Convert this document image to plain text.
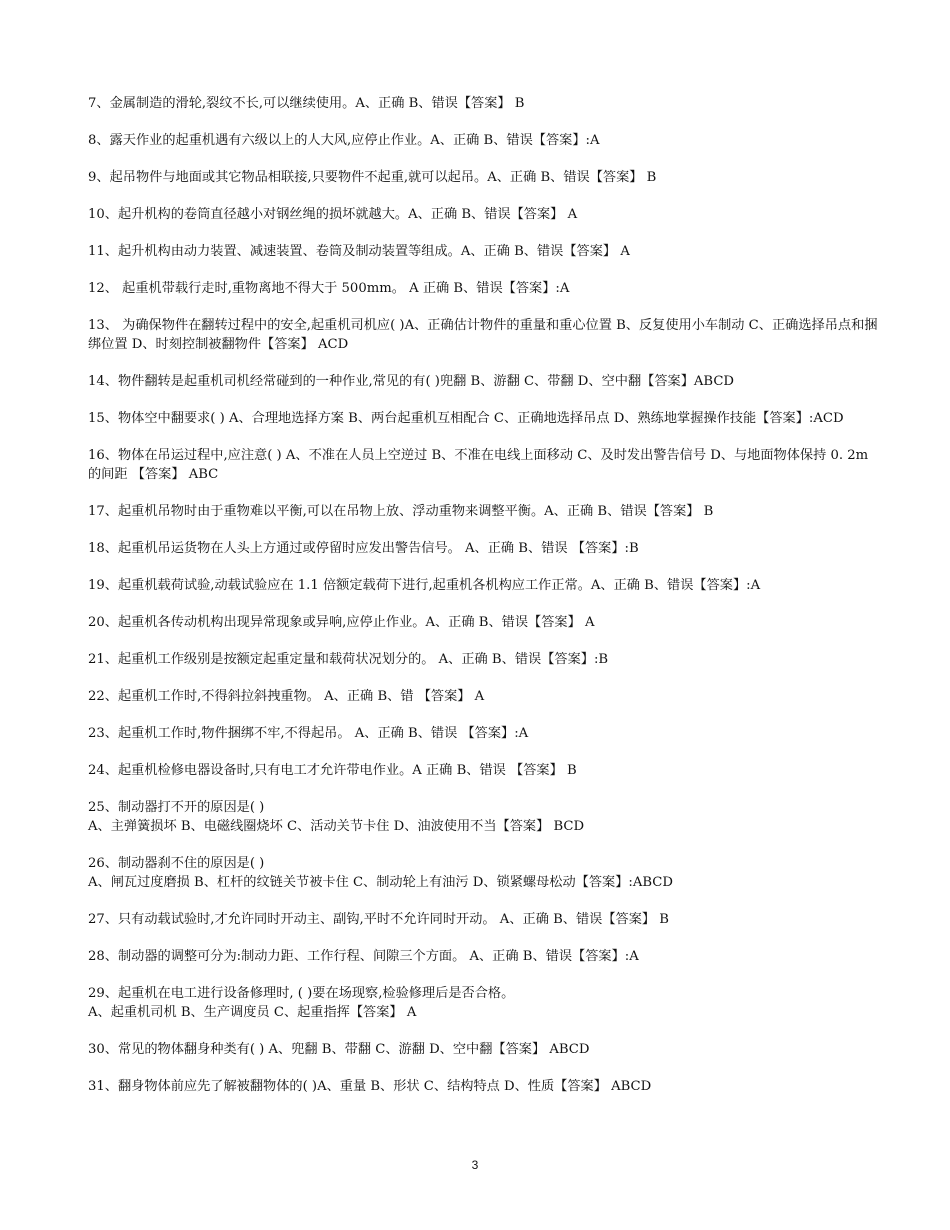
7、金属制造的滑轮,裂纹不长,可以继续使用。A、正确 B、错误【答案】 B
8、露天作业的起重机遇有六级以上的人大风,应停止作业。A、正确 B、错误【答案】:A
9、起吊物件与地面或其它物品相联接,只要物件不起重,就可以起吊。A、正确 B、错误【答案】 B
10、起升机构的卷筒直径越小对钢丝绳的损坏就越大。A、正确 B、错误【答案】 A
11、起升机构由动力装置、减速装置、卷筒及制动装置等组成。A、正确 B、错误【答案】 A
12、 起重机带载行走时,重物离地不得大于 500mm。 A 正确 B、错误【答案】:A
13、 为确保物件在翻转过程中的安全,起重机司机应( )A、正确估计物件的重量和重心位置 B、反复使用小车制动 C、正确选择吊点和捆绑位置 D、时刻控制被翻物件【答案】 ACD
14、物件翻转是起重机司机经常碰到的一种作业,常见的有( )兜翻 B、游翻 C、带翻 D、空中翻【答案】ABCD
15、物体空中翻要求( ) A、合理地选择方案 B、两台起重机互相配合 C、正确地选择吊点 D、熟练地掌握操作技能【答案】:ACD
16、物体在吊运过程中,应注意( ) A、不准在人员上空逆过 B、不准在电线上面移动 C、及时发出警告信号 D、与地面物体保持 0. 2m 的间距 【答案】 ABC
17、起重机吊物时由于重物难以平衡,可以在吊物上放、浮动重物来调整平衡。A、正确 B、错误【答案】 B
18、起重机吊运货物在人头上方通过或停留时应发出警告信号。 A、正确 B、错误 【答案】:B
19、起重机载荷试验,动载试验应在 1.1 倍额定载荷下进行,起重机各机构应工作正常。A、正确 B、错误【答案】:A
20、起重机各传动机构出现异常现象或异响,应停止作业。A、正确 B、错误【答案】 A
21、起重机工作级别是按额定起重定量和载荷状况划分的。 A、正确 B、错误【答案】:B
22、起重机工作时,不得斜拉斜拽重物。 A、正确 B、错 【答案】 A
23、起重机工作时,物件捆绑不牢,不得起吊。 A、正确 B、错误 【答案】:A
24、起重机检修电器设备时,只有电工才允许带电作业。A 正确 B、错误 【答案】 B
25、制动器打不开的原因是( )
A、主弹簧损坏 B、电磁线圈烧坏 C、活动关节卡住 D、油波使用不当【答案】 BCD
26、制动器刹不住的原因是( )
A、闸瓦过度磨损 B、杠杆的纹链关节被卡住 C、制动轮上有油污 D、锁紧螺母松动【答案】:ABCD
27、只有动载试验时,才允许同时开动主、副钩,平时不允许同时开动。 A、正确 B、错误【答案】 B
28、制动器的调整可分为:制动力距、工作行程、间隙三个方面。 A、正确 B、错误【答案】:A
29、起重机在电工进行设备修理时, ( )要在场现察,检验修理后是否合格。
A、起重机司机 B、生产调度员 C、起重指挥【答案】 A
30、常见的物体翻身种类有( ) A、兜翻 B、带翻 C、游翻 D、空中翻【答案】 ABCD
31、翻身物体前应先了解被翻物体的( )A、重量 B、形状 C、结构特点 D、性质【答案】 ABCD
3
